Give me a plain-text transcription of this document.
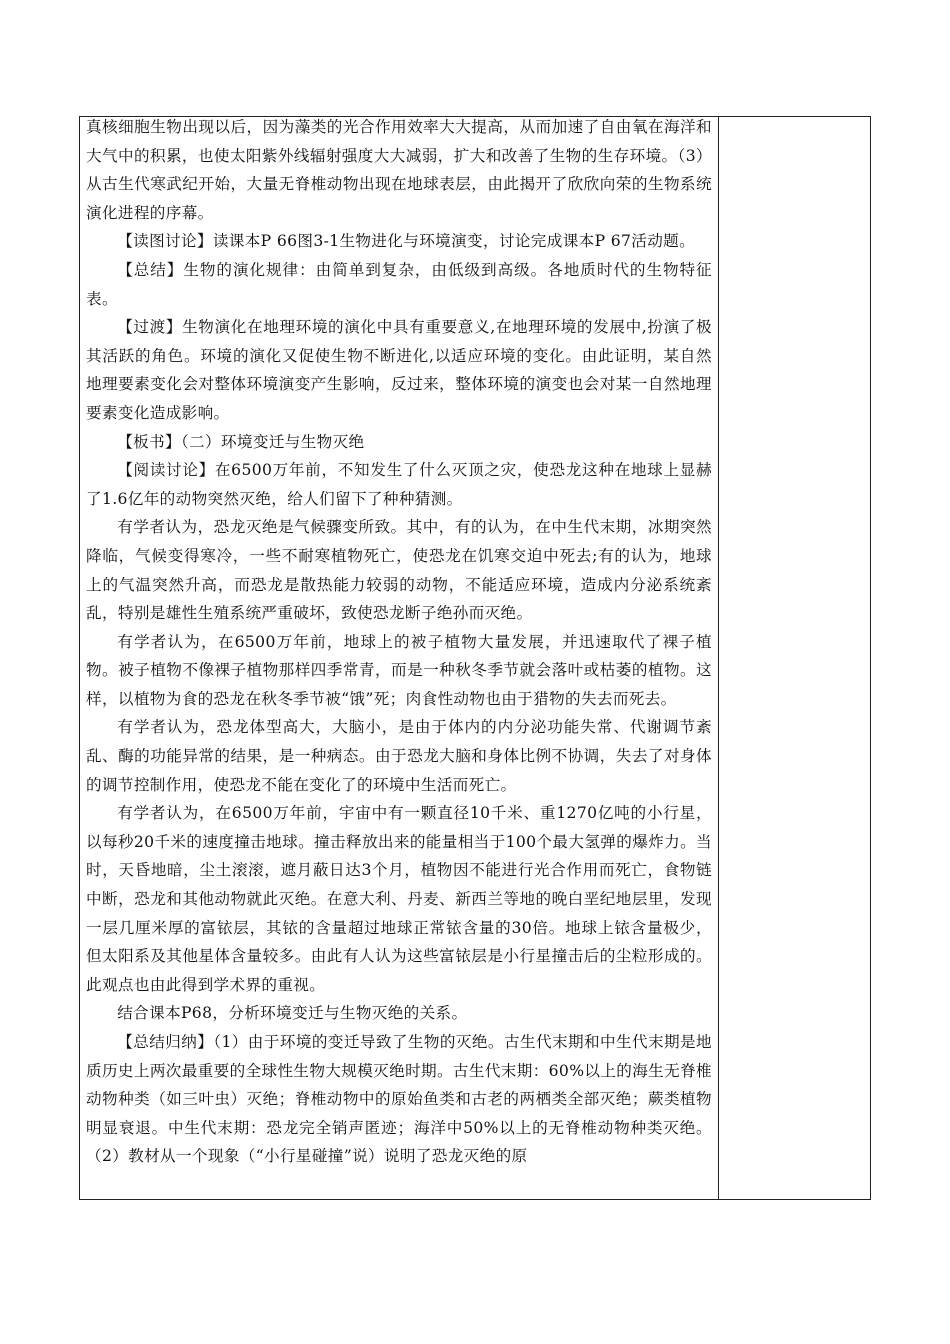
真核细胞生物出现以后，因为藻类的光合作用效率大大提高，从而加速了自由氧在海洋和大气中的积累，也使太阳紫外线辐射强度大大减弱，扩大和改善了生物的生存环境。（3）从古生代寒武纪开始，大量无脊椎动物出现在地球表层，由此揭开了欣欣向荣的生物系统演化进程的序幕。

【读图讨论】读课本P 66图3-1生物进化与环境演变，讨论完成课本P 67活动题。

【总结】生物的演化规律：由简单到复杂，由低级到高级。各地质时代的生物特征表。

【过渡】生物演化在地理环境的演化中具有重要意义,在地理环境的发展中,扮演了极其活跃的角色。环境的演化又促使生物不断进化,以适应环境的变化。由此证明，某自然地理要素变化会对整体环境演变产生影响，反过来，整体环境的演变也会对某一自然地理要素变化造成影响。

【板书】（二）环境变迁与生物灭绝

【阅读讨论】在6500万年前，不知发生了什么灭顶之灾，使恐龙这种在地球上显赫了1.6亿年的动物突然灭绝，给人们留下了种种猜测。

有学者认为，恐龙灭绝是气候骤变所致。其中，有的认为，在中生代末期，冰期突然降临，气候变得寒冷，一些不耐寒植物死亡，使恐龙在饥寒交迫中死去;有的认为，地球上的气温突然升高，而恐龙是散热能力较弱的动物，不能适应环境，造成内分泌系统紊乱，特别是雄性生殖系统严重破坏，致使恐龙断子绝孙而灭绝。

有学者认为，在6500万年前，地球上的被子植物大量发展，并迅速取代了裸子植物。被子植物不像裸子植物那样四季常青，而是一种秋冬季节就会落叶或枯萎的植物。这样，以植物为食的恐龙在秋冬季节被“饿”死；肉食性动物也由于猎物的失去而死去。

有学者认为，恐龙体型高大，大脑小，是由于体内的内分泌功能失常、代谢调节紊乱、酶的功能异常的结果，是一种病态。由于恐龙大脑和身体比例不协调，失去了对身体的调节控制作用，使恐龙不能在变化了的环境中生活而死亡。

有学者认为，在6500万年前，宇宙中有一颗直径10千米、重1270亿吨的小行星，以每秒20千米的速度撞击地球。撞击释放出来的能量相当于100个最大氢弹的爆炸力。当时，天昏地暗，尘土滚滚，遮月蔽日达3个月，植物因不能进行光合作用而死亡，食物链中断，恐龙和其他动物就此灭绝。在意大利、丹麦、新西兰等地的晚白垩纪地层里，发现一层几厘米厚的富铱层，其铱的含量超过地球正常铱含量的30倍。地球上铱含量极少，但太阳系及其他星体含量较多。由此有人认为这些富铱层是小行星撞击后的尘粒形成的。此观点也由此得到学术界的重视。

结合课本P68，分析环境变迁与生物灭绝的关系。

【总结归纳】（1）由于环境的变迁导致了生物的灭绝。古生代末期和中生代末期是地质历史上两次最重要的全球性生物大规模灭绝时期。古生代末期：60%以上的海生无脊椎动物种类（如三叶虫）灭绝；脊椎动物中的原始鱼类和古老的两栖类全部灭绝；蕨类植物明显衰退。中生代末期：恐龙完全销声匿迹；海洋中50%以上的无脊椎动物种类灭绝。（2）教材从一个现象（“小行星碰撞”说）说明了恐龙灭绝的原
